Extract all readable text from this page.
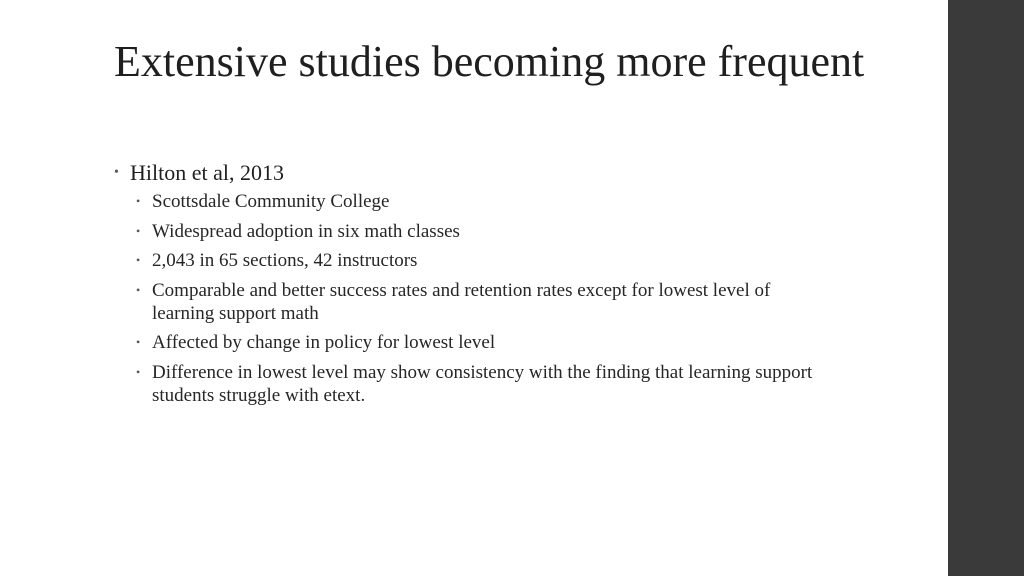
Extensive studies becoming more frequent
• Hilton et al, 2013
• Scottsdale Community College
• Widespread adoption in six math classes
• 2,043 in 65 sections, 42 instructors
• Comparable and better success rates and retention rates except for lowest level of learning support math
• Affected by change in policy for lowest level
• Difference in lowest level may show consistency with the finding that learning support students struggle with etext.
